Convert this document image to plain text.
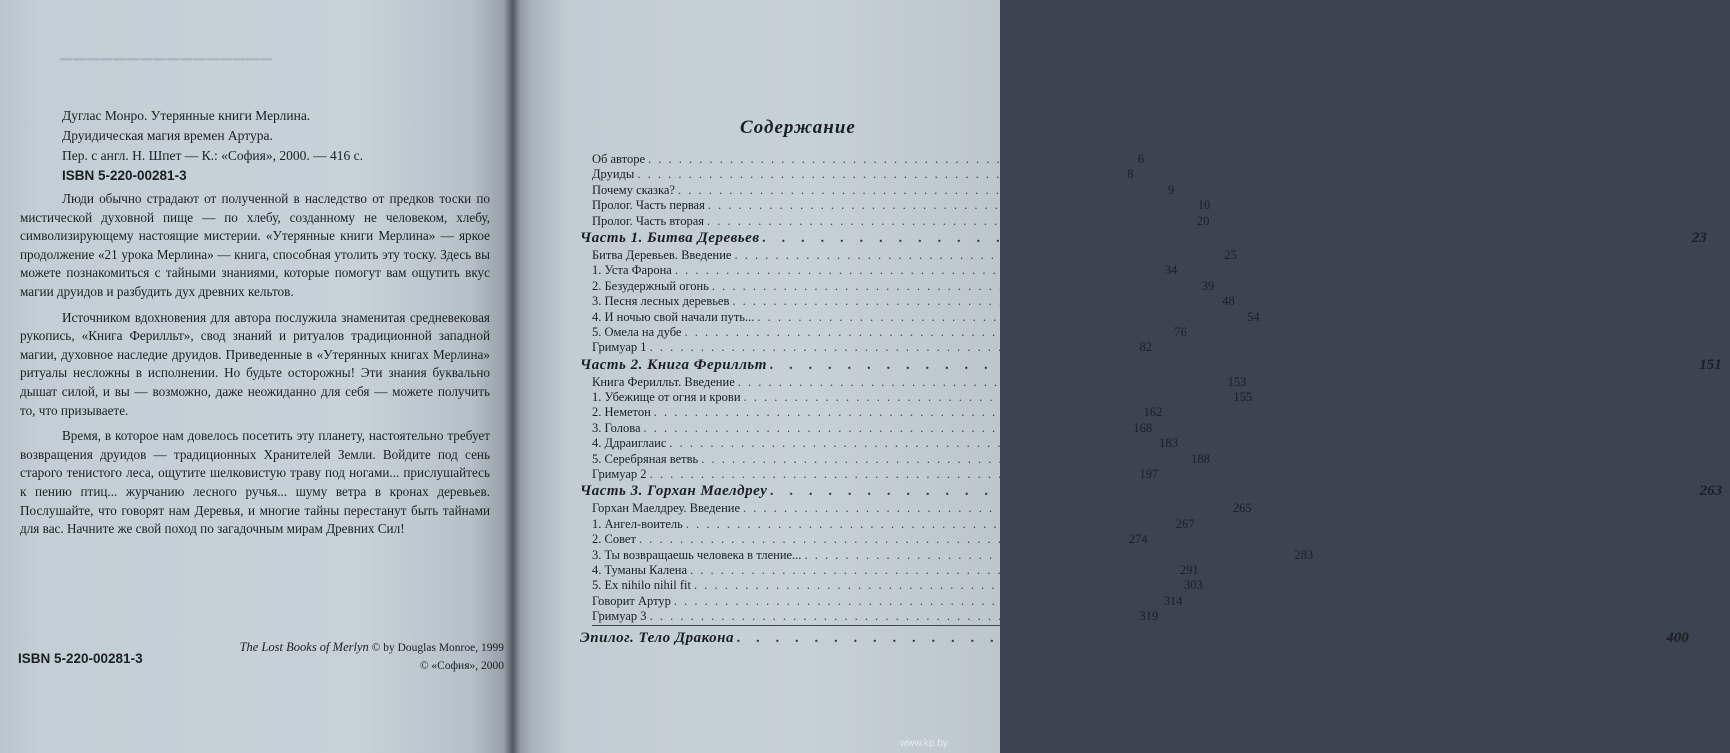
▔▔▔▔▔▔▔▔▔▔▔▔▔▔▔▔
Дуглас Монро. Утерянные книги Мерлина.
Друидическая магия времен Артура.
Пер. с англ. Н. Шпет — К.: «София», 2000. — 416 с.
ISBN 5-220-00281-3

Люди обычно страдают от полученной в наследство от предков тоски по мистической духовной пище — по хлебу, созданному не человеком, хлебу, символизирующему настоящие мистерии. «Утерянные книги Мерлина» — яркое продолжение «21 урока Мерлина» — книга, способная утолить эту тоску. Здесь вы можете познакомиться с тайными знаниями, которые помогут вам ощутить вкус магии друидов и разбудить дух древних кельтов.

Источником вдохновения для автора послужила знаменитая средневековая рукопись, «Книга Ферилльт», свод знаний и ритуалов традиционной западной магии, духовное наследие друидов. Приведенные в «Утерянных книгах Мерлина» ритуалы несложны в исполнении. Но будьте осторожны! Эти знания буквально дышат силой, и вы — возможно, даже неожиданно для себя — можете получить то, что призываете.

Время, в которое нам довелось посетить эту планету, настоятельно требует возвращения друидов — традиционных Хранителей Земли. Войдите под сень старого тенистого леса, ощутите шелковистую траву под ногами... прислушайтесь к пению птиц... журчанию лесного ручья... шуму ветра в кронах деревьев. Послушайте, что говорят нам Деревья, и многие тайны перестанут быть тайнами для вас. Начните же свой поход по загадочным мирам Древних Сил!

ISBN 5-220-00281-3
The Lost Books of Merlyn © by Douglas Monroe, 1999
© «София», 2000
Содержание
Об авторе . . . . . . . . . . . . . . . . . . . . . . . . . . . . . . . . . . . . . . . . . . . . . . . . 6
Друиды . . . . . . . . . . . . . . . . . . . . . . . . . . . . . . . . . . . . . . . . . . . . . . . . 8
Почему сказка? . . . . . . . . . . . . . . . . . . . . . . . . . . . . . . . . . . . . . . . . . . . . . . . . 9
Пролог. Часть первая . . . . . . . . . . . . . . . . . . . . . . . . . . . . . . . . . . . . . . . . . . . . . . . . 10
Пролог. Часть вторая . . . . . . . . . . . . . . . . . . . . . . . . . . . . . . . . . . . . . . . . . . . . . . . . 20
Часть 1. Битва Деревьев . . . . . . . . . . . . . . . . . . . . . . . . . . . . . . . . . . . . . . . . . . . . . . . . 23
Битва Деревьев. Введение . . . . . . . . . . . . . . . . . . . . . . . . . . . . . . . . . . . . . . . . . . . . . . . . 25
1. Уста Фарона . . . . . . . . . . . . . . . . . . . . . . . . . . . . . . . . . . . . . . . . . . . . . . . . 34
2. Безудержный огонь . . . . . . . . . . . . . . . . . . . . . . . . . . . . . . . . . . . . . . . . . . . . . . . . 39
3. Песня лесных деревьев . . . . . . . . . . . . . . . . . . . . . . . . . . . . . . . . . . . . . . . . . . . . . . . . 48
4. И ночью свой начали путь... . . . . . . . . . . . . . . . . . . . . . . . . . . . . . . . . . . . . . . . . . . . . . . . . 54
5. Омела на дубе . . . . . . . . . . . . . . . . . . . . . . . . . . . . . . . . . . . . . . . . . . . . . . . . 76
Гримуар 1 . . . . . . . . . . . . . . . . . . . . . . . . . . . . . . . . . . . . . . . . . . . . . . . . 82
Часть 2. Книга Ферилльт . . . . . . . . . . . . . . . . . . . . . . . . . . . . . . . . . . . . . . . . . . . . . . . . 151
Книга Ферилльт. Введение . . . . . . . . . . . . . . . . . . . . . . . . . . . . . . . . . . . . . . . . . . . . . . . . 153
1. Убежище от огня и крови . . . . . . . . . . . . . . . . . . . . . . . . . . . . . . . . . . . . . . . . . . . . . . . . 155
2. Неметон . . . . . . . . . . . . . . . . . . . . . . . . . . . . . . . . . . . . . . . . . . . . . . . . 162
3. Голова . . . . . . . . . . . . . . . . . . . . . . . . . . . . . . . . . . . . . . . . . . . . . . . . 168
4. Ддраиглаис . . . . . . . . . . . . . . . . . . . . . . . . . . . . . . . . . . . . . . . . . . . . . . . . 183
5. Серебряная ветвь . . . . . . . . . . . . . . . . . . . . . . . . . . . . . . . . . . . . . . . . . . . . . . . . 188
Гримуар 2 . . . . . . . . . . . . . . . . . . . . . . . . . . . . . . . . . . . . . . . . . . . . . . . . 197
Часть 3. Горхан Маелдреу . . . . . . . . . . . . . . . . . . . . . . . . . . . . . . . . . . . . . . . . . . . . . . . . 263
Горхан Маелдреу. Введение . . . . . . . . . . . . . . . . . . . . . . . . . . . . . . . . . . . . . . . . . . . . . . . . 265
1. Ангел-воитель . . . . . . . . . . . . . . . . . . . . . . . . . . . . . . . . . . . . . . . . . . . . . . . . 267
2. Совет . . . . . . . . . . . . . . . . . . . . . . . . . . . . . . . . . . . . . . . . . . . . . . . . 274
3. Ты возвращаешь человека в тление... . . . . . . . . . . . . . . . . . . . . . . . . . . . . . . . . . . . . . . . . . . . . . . . . 283
4. Туманы Калена . . . . . . . . . . . . . . . . . . . . . . . . . . . . . . . . . . . . . . . . . . . . . . . . 291
5. Ex nihilo nihil fit . . . . . . . . . . . . . . . . . . . . . . . . . . . . . . . . . . . . . . . . . . . . . . . . 303
Говорит Артур . . . . . . . . . . . . . . . . . . . . . . . . . . . . . . . . . . . . . . . . . . . . . . . . 314
Гримуар 3 . . . . . . . . . . . . . . . . . . . . . . . . . . . . . . . . . . . . . . . . . . . . . . . . 319
Эпилог. Тело Дракона . . . . . . . . . . . . . . . . . . . . . . . . . . . . . . . . . . . . . . . . . . . . . . . . 400
www.kp.by
